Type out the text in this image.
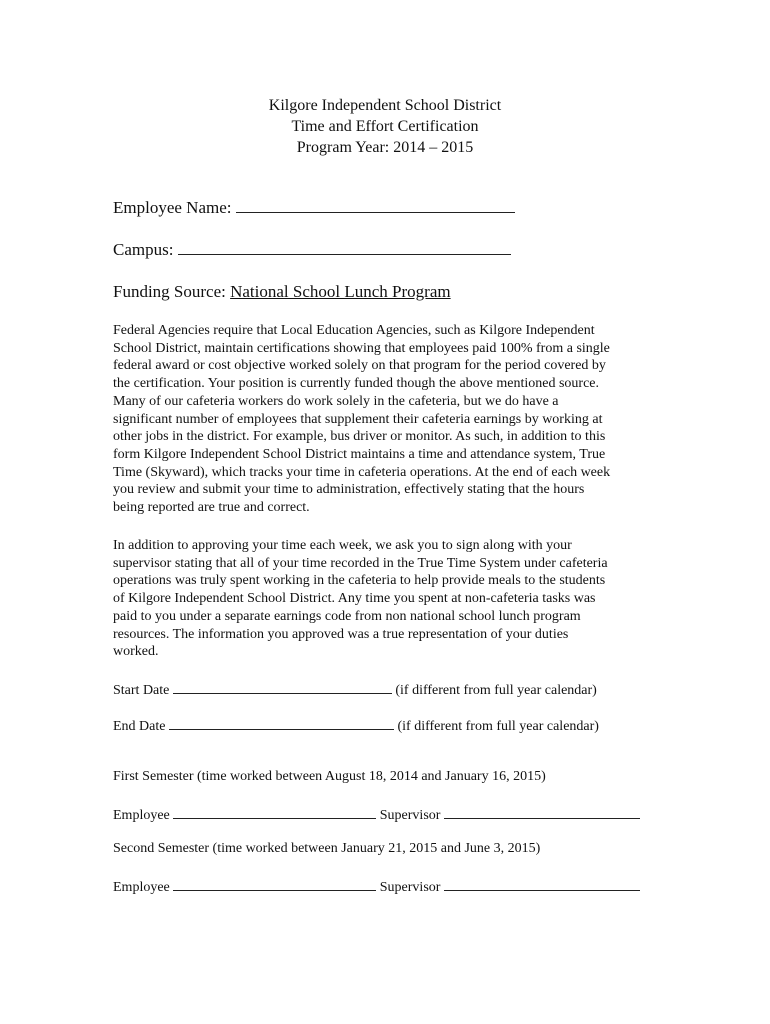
Kilgore Independent School District
Time and Effort Certification
Program Year: 2014 – 2015
Employee Name:
Campus:
Funding Source: National School Lunch Program
Federal Agencies require that Local Education Agencies, such as Kilgore Independent
School District, maintain certifications showing that employees paid 100% from a single
federal award or cost objective worked solely on that program for the period covered by
the certification. Your position is currently funded though the above mentioned source.
Many of our cafeteria workers do work solely in the cafeteria, but we do have a
significant number of employees that supplement their cafeteria earnings by working at
other jobs in the district. For example, bus driver or monitor. As such, in addition to this
form Kilgore Independent School District maintains a time and attendance system, True
Time (Skyward), which tracks your time in cafeteria operations. At the end of each week
you review and submit your time to administration, effectively stating that the hours
being reported are true and correct.
In addition to approving your time each week, we ask you to sign along with your
supervisor stating that all of your time recorded in the True Time System under cafeteria
operations was truly spent working in the cafeteria to help provide meals to the students
of Kilgore Independent School District. Any time you spent at non-cafeteria tasks was
paid to you under a separate earnings code from non national school lunch program
resources. The information you approved was a true representation of your duties
worked.
Start Date	(if different from full year calendar)
End Date	(if different from full year calendar)
First Semester (time worked between August 18, 2014 and January 16, 2015)
Employee	Supervisor
Second Semester (time worked between January 21, 2015 and June 3, 2015)
Employee	Supervisor
